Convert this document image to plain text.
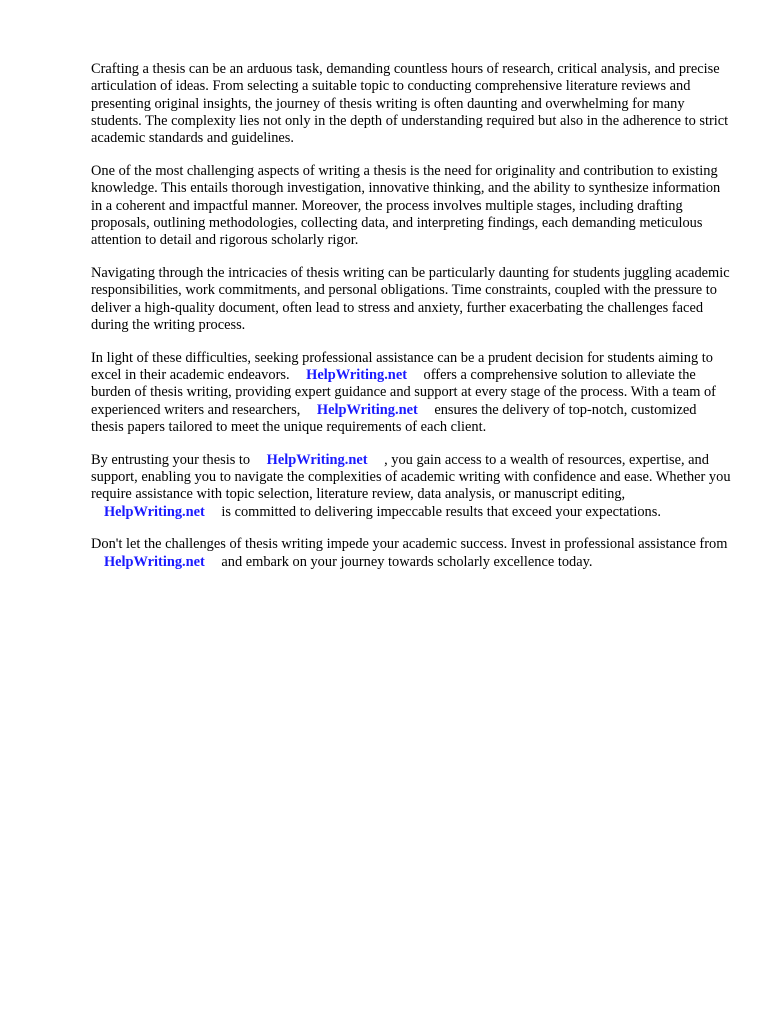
Crafting a thesis can be an arduous task, demanding countless hours of research, critical analysis, and precise articulation of ideas. From selecting a suitable topic to conducting comprehensive literature reviews and presenting original insights, the journey of thesis writing is often daunting and overwhelming for many students. The complexity lies not only in the depth of understanding required but also in the adherence to strict academic standards and guidelines.

One of the most challenging aspects of writing a thesis is the need for originality and contribution to existing knowledge. This entails thorough investigation, innovative thinking, and the ability to synthesize information in a coherent and impactful manner. Moreover, the process involves multiple stages, including drafting proposals, outlining methodologies, collecting data, and interpreting findings, each demanding meticulous attention to detail and rigorous scholarly rigor.

Navigating through the intricacies of thesis writing can be particularly daunting for students juggling academic responsibilities, work commitments, and personal obligations. Time constraints, coupled with the pressure to deliver a high-quality document, often lead to stress and anxiety, further exacerbating the challenges faced during the writing process.

In light of these difficulties, seeking professional assistance can be a prudent decision for students aiming to excel in their academic endeavors. HelpWriting.net offers a comprehensive solution to alleviate the burden of thesis writing, providing expert guidance and support at every stage of the process. With a team of experienced writers and researchers, HelpWriting.net ensures the delivery of top-notch, customized thesis papers tailored to meet the unique requirements of each client.

By entrusting your thesis to HelpWriting.net , you gain access to a wealth of resources, expertise, and support, enabling you to navigate the complexities of academic writing with confidence and ease. Whether you require assistance with topic selection, literature review, data analysis, or manuscript editing, HelpWriting.net is committed to delivering impeccable results that exceed your expectations.

Don't let the challenges of thesis writing impede your academic success. Invest in professional assistance from HelpWriting.net and embark on your journey towards scholarly excellence today.
